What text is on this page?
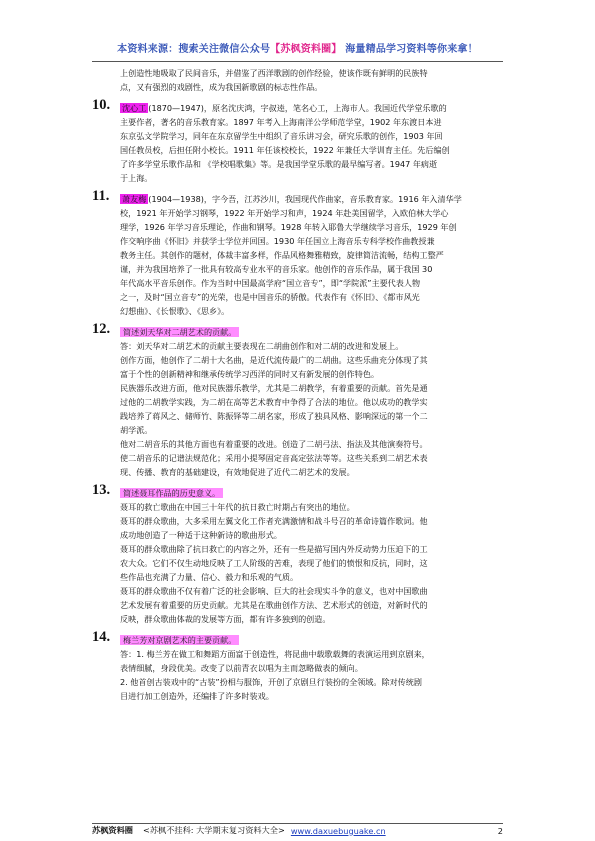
本资料来源：搜索关注微信公众号【苏枫资料圈】 海量精品学习资料等你来拿！

上创造性地吸取了民间音乐，并借鉴了西洋歌剧的创作经验，使该作既有鲜明的民族特

点，又有强烈的戏剧性，成为我国新歌剧的标志性作品。

10. 沈心工 (1870—1947)，原名沈庆鸿，字叔逵，笔名心工，上海市人。我国近代学堂乐歌的

主要作者，著名的音乐教育家。1897 年考入上海南洋公学师范学堂，1902 年东渡日本进

东京弘文学院学习，同年在东京留学生中组织了音乐讲习会，研究乐歌的创作，1903 年回

国任教员校，后担任附小校长。1911 年任该校校长，1922 年兼任大学训育主任。先后编创

了许多学堂乐歌作品和 《学校唱歌集》等。是我国学堂乐歌的最早编写者。1947 年病逝

于上海。

11. 萧友梅 (1904—1938)，字今吾，江苏沙川，我国现代作曲家，音乐教育家。1916 年入清华学

校，1921 年开始学习钢琴，1922 年开始学习和声，1924 年赴美国留学，入欧伯林大学心

理学，1926 年学习音乐理论，作曲和钢琴。1928 年转入耶鲁大学继续学习音乐，1929 年创

作交响序曲《怀旧》并获学士学位并回国。1930 年任国立上海音乐专科学校作曲教授兼

教务主任。其创作的题材，体裁丰富多样，作品风格舞雅精致，旋律简洁流畅，结构工整严

谨，并为我国培养了一批具有较高专业水平的音乐家。他创作的音乐作品，属于我国 30

年代高水平音乐创作。作为当时中国最高学府“国立音专”，即“学院派”主要代表人物

之一，及时“国立音专”的光荣，也是中国音乐的骄傲。代表作有《怀旧》、《都市风光

幻想曲》、《长恨歌》、《思乡》。

12.	简述刘天华对二胡艺术的贡献。

答：刘天华对二胡艺术的贡献主要表现在二胡曲创作和对二胡的改进和发展上。

创作方面，他创作了二胡十大名曲，是近代流传最广的二胡曲。这些乐曲充分体现了其

富于个性的创新精神和继承传统学习西洋的同时又有新发展的创作特色。

民族器乐改进方面，他对民族器乐教学，尤其是二胡教学，有着重要的贡献。首先是通

过他的二胡教学实践，为二胡在高等艺术教育中争得了合法的地位。他以成功的教学实

践培养了蒋风之、储师竹、陈振铎等二胡名家，形成了独具风格、影响深远的第一个二

胡学派。

他对二胡音乐的其他方面也有着重要的改进。创造了二胡弓法、指法及其他演奏符号。

使二胡音乐的记谱法规范化；采用小提琴固定音高定弦法等等。这些关系到二胡艺术表

现、传播、教育的基础建设，有效地促进了近代二胡艺术的发展。

13.	简述聂耳作品的历史意义。

聂耳的救亡歌曲在中国三十年代的抗日救亡时期占有突出的地位。

聂耳的群众歌曲，大多采用左翼文化工作者充满激情和战斗号召的革命诗篇作歌词。他

成功地创造了一种适于这种新诗的歌曲形式。

聂耳的群众歌曲除了抗日救亡的内容之外，还有一些是描写国内外反动势力压迫下的工

农大众。它们不仅生动地反映了工人阶级的苦难，表现了他们的愤恨和反抗，同时，这

些作品也充满了力量、信心、毅力和乐观的气质。

聂耳的群众歌曲不仅有着广泛的社会影响、巨大的社会现实斗争的意义，也对中国歌曲

艺术发展有着重要的历史贡献。尤其是在歌曲创作方法、艺术形式的创造，对新时代的

反映，群众歌曲体裁的发展等方面，都有许多独到的创造。

14.	梅兰芳对京剧艺术的主要贡献。

答：1. 梅兰芳在做工和舞蹈方面富于创造性，将昆曲中载歌载舞的表演运用到京剧来，

表情细腻，身段优美。改变了以前青衣以唱为主而忽略做表的倾向。

2. 他首创古装戏中的“古装”扮相与服饰，开创了京剧旦行装扮的全领域。除对传统剧

目进行加工创造外，还编排了许多时装戏。

苏枫资料圈 <苏枫不挂科: 大学期末复习资料大全> www.daxuebuguake.cn	2
